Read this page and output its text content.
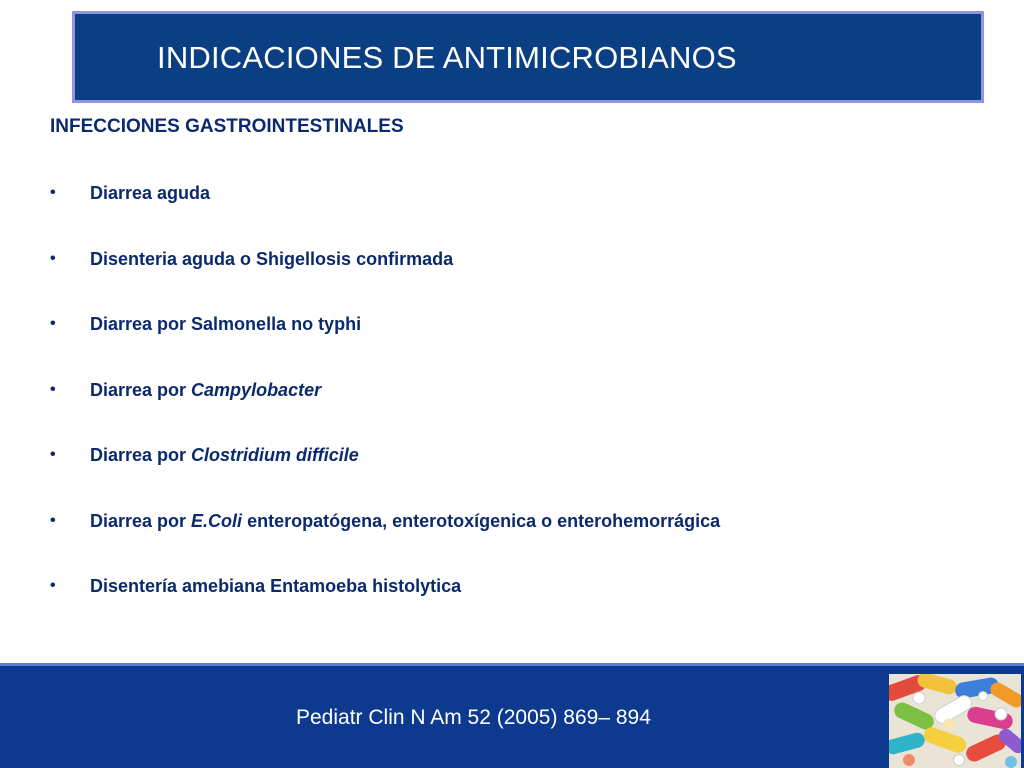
INDICACIONES DE ANTIMICROBIANOS
INFECCIONES GASTROINTESTINALES
• Diarrea aguda
• Disenteria aguda o Shigellosis confirmada
• Diarrea por Salmonella no typhi
• Diarrea por Campylobacter
• Diarrea por Clostridium difficile
• Diarrea por E.Coli enteropatógena, enterotoxígenica o enterohemorrágica
• Disentería amebiana Entamoeba histolytica
Pediatr Clin N Am 52 (2005) 869– 894
